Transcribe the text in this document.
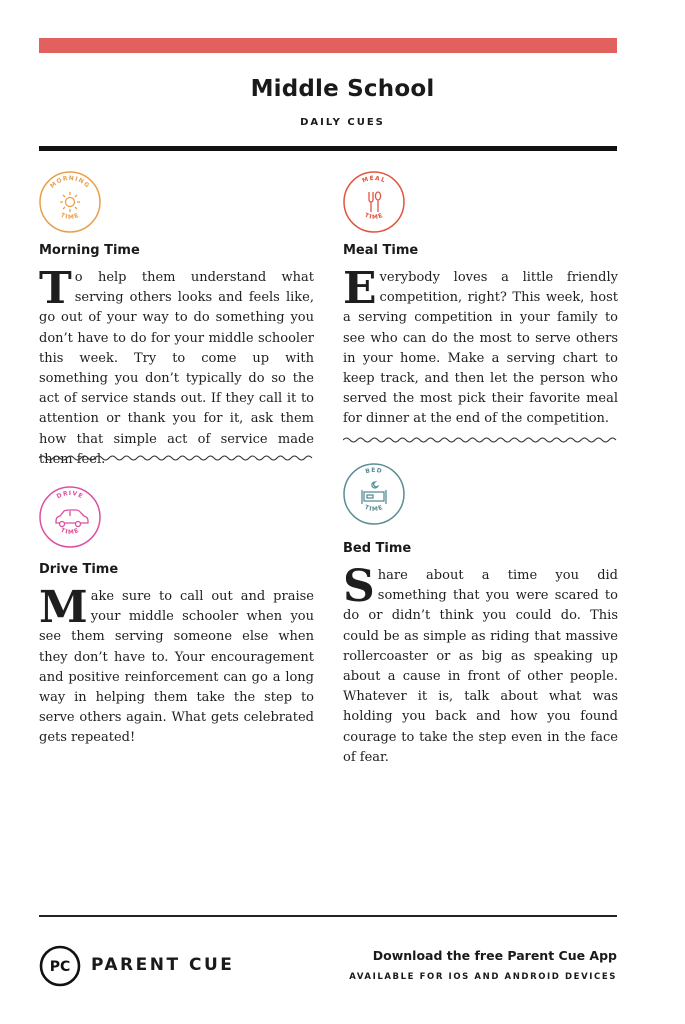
Middle School
DAILY CUES
MORNING
TIME
Morning Time

To help them understand what serving others looks and feels like, go out of your way to do something you don’t have to do for your middle schooler this week. Try to come up with something you don’t typically do so the act of service stands out. If they call it to attention or thank you for it, ask them how that simple act of service made them feel.

MEAL
TIME
Meal Time

Everybody loves a little friendly competition, right? This week, host a serving competition in your family to see who can do the most to serve others in your home. Make a serving chart to keep track, and then let the person who served the most pick their favorite meal for dinner at the end of the competition.

DRIVE
TIME
Drive Time

Make sure to call out and praise your middle schooler when you see them serving someone else when they don’t have to. Your encouragement and positive reinforcement can go a long way in helping them take the step to serve others again. What gets celebrated gets repeated!

BED
TIME
Bed Time

Share about a time you did something that you were scared to do or didn’t think you could do. This could be as simple as riding that massive rollercoaster or as big as speaking up about a cause in front of other people. Whatever it is, talk about what was holding you back and how you found courage to take the step even in the face of fear.

PC PARENT CUE	Download the free Parent Cue App
AVAILABLE FOR IOS AND ANDROID DEVICES
